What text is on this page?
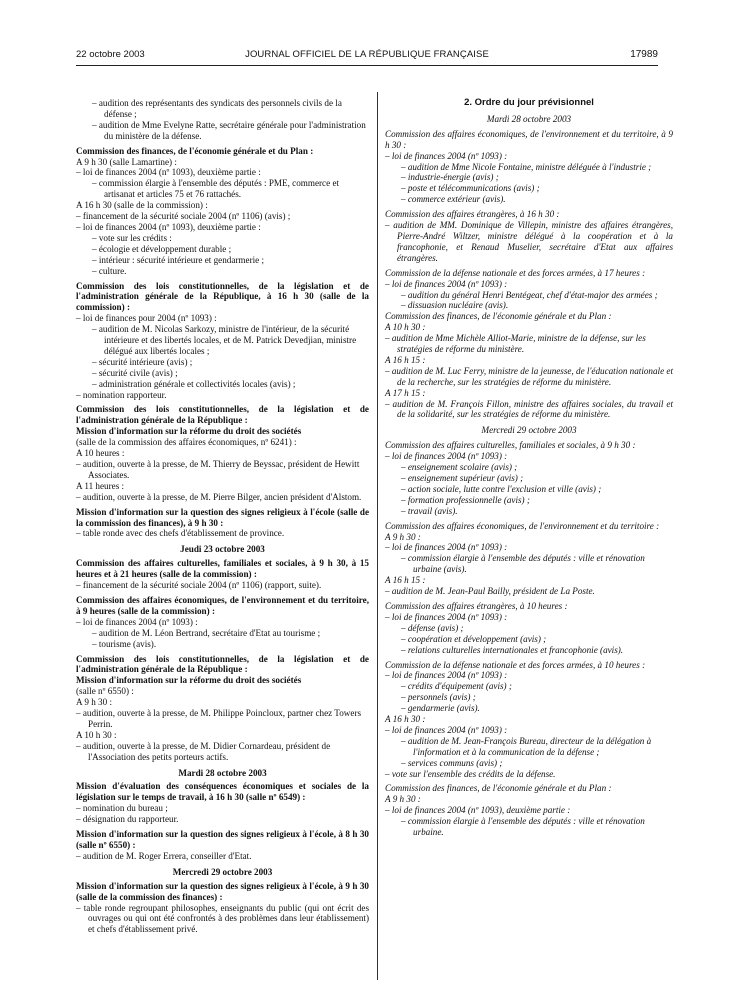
22 octobre 2003	JOURNAL OFFICIEL DE LA RÉPUBLIQUE FRANÇAISE	17989
– audition des représentants des syndicats des personnels civils de la défense ;
– audition de Mme Evelyne Ratte, secrétaire générale pour l'administration du ministère de la défense.
Commission des finances, de l'économie générale et du Plan :
A 9 h 30 (salle Lamartine) :
– loi de finances 2004 (nº 1093), deuxième partie :
– commission élargie à l'ensemble des députés : PME, commerce et artisanat et articles 75 et 76 rattachés.
A 16 h 30 (salle de la commission) :
– financement de la sécurité sociale 2004 (nº 1106) (avis) ;
– loi de finances 2004 (nº 1093), deuxième partie :
– vote sur les crédits :
– écologie et développement durable ;
– intérieur : sécurité intérieure et gendarmerie ;
– culture.
Commission des lois constitutionnelles, de la législation et de l'administration générale de la République, à 16 h 30 (salle de la commission) :
– loi de finances pour 2004 (nº 1093) :
– audition de M. Nicolas Sarkozy, ministre de l'intérieur, de la sécurité intérieure et des libertés locales, et de M. Patrick Devedjian, ministre délégué aux libertés locales ;
– sécurité intérieure (avis) ;
– sécurité civile (avis) ;
– administration générale et collectivités locales (avis) ;
– nomination rapporteur.
Commission des lois constitutionnelles, de la législation et de l'administration générale de la République :
Mission d'information sur la réforme du droit des sociétés
(salle de la commission des affaires économiques, nº 6241) :
A 10 heures :
– audition, ouverte à la presse, de M. Thierry de Beyssac, président de Hewitt Associates.
A 11 heures :
– audition, ouverte à la presse, de M. Pierre Bilger, ancien président d'Alstom.
Mission d'information sur la question des signes religieux à l'école (salle de la commission des finances), à 9 h 30 :
– table ronde avec des chefs d'établissement de province.
Jeudi 23 octobre 2003
Commission des affaires culturelles, familiales et sociales, à 9 h 30, à 15 heures et à 21 heures (salle de la commission) :
– financement de la sécurité sociale 2004 (nº 1106) (rapport, suite).
Commission des affaires économiques, de l'environnement et du territoire, à 9 heures (salle de la commission) :
– loi de finances 2004 (nº 1093) :
– audition de M. Léon Bertrand, secrétaire d'Etat au tourisme ;
– tourisme (avis).
Commission des lois constitutionnelles, de la législation et de l'administration générale de la République :
Mission d'information sur la réforme du droit des sociétés
(salle nº 6550) :
A 9 h 30 :
– audition, ouverte à la presse, de M. Philippe Poincloux, partner chez Towers Perrin.
A 10 h 30 :
– audition, ouverte à la presse, de M. Didier Cornardeau, président de l'Association des petits porteurs actifs.
Mardi 28 octobre 2003
Mission d'évaluation des conséquences économiques et sociales de la législation sur le temps de travail, à 16 h 30 (salle nº 6549) :
– nomination du bureau ;
– désignation du rapporteur.
Mission d'information sur la question des signes religieux à l'école, à 8 h 30 (salle nº 6550) :
– audition de M. Roger Errera, conseiller d'Etat.
Mercredi 29 octobre 2003
Mission d'information sur la question des signes religieux à l'école, à 9 h 30 (salle de la commission des finances) :
– table ronde regroupant philosophes, enseignants du public (qui ont écrit des ouvrages ou qui ont été confrontés à des problèmes dans leur établissement) et chefs d'établissement privé.
2. Ordre du jour prévisionnel
Mardi 28 octobre 2003
Commission des affaires économiques, de l'environnement et du territoire, à 9 h 30 :
– loi de finances 2004 (nº 1093) :
– audition de Mme Nicole Fontaine, ministre déléguée à l'industrie ;
– industrie-énergie (avis) ;
– poste et télécommunications (avis) ;
– commerce extérieur (avis).
Commission des affaires étrangères, à 16 h 30 :
– audition de MM. Dominique de Villepin, ministre des affaires étrangères, Pierre-André Wiltzer, ministre délégué à la coopération et à la francophonie, et Renaud Muselier, secrétaire d'Etat aux affaires étrangères.
Commission de la défense nationale et des forces armées, à 17 heures :
– loi de finances 2004 (nº 1093) :
– audition du général Henri Bentégeat, chef d'état-major des armées ;
– dissuasion nucléaire (avis).
Commission des finances, de l'économie générale et du Plan :
A 10 h 30 :
– audition de Mme Michèle Alliot-Marie, ministre de la défense, sur les stratégies de réforme du ministère.
A 16 h 15 :
– audition de M. Luc Ferry, ministre de la jeunesse, de l'éducation nationale et de la recherche, sur les stratégies de réforme du ministère.
A 17 h 15 :
– audition de M. François Fillon, ministre des affaires sociales, du travail et de la solidarité, sur les stratégies de réforme du ministère.
Mercredi 29 octobre 2003
Commission des affaires culturelles, familiales et sociales, à 9 h 30 :
– loi de finances 2004 (nº 1093) :
– enseignement scolaire (avis) ;
– enseignement supérieur (avis) ;
– action sociale, lutte contre l'exclusion et ville (avis) ;
– formation professionnelle (avis) ;
– travail (avis).
Commission des affaires économiques, de l'environnement et du territoire :
A 9 h 30 :
– loi de finances 2004 (nº 1093) :
– commission élargie à l'ensemble des députés : ville et rénovation urbaine (avis).
A 16 h 15 :
– audition de M. Jean-Paul Bailly, président de La Poste.
Commission des affaires étrangères, à 10 heures :
– loi de finances 2004 (nº 1093) :
– défense (avis) ;
– coopération et développement (avis) ;
– relations culturelles internationales et francophonie (avis).
Commission de la défense nationale et des forces armées, à 10 heures :
– loi de finances 2004 (nº 1093) :
– crédits d'équipement (avis) ;
– personnels (avis) ;
– gendarmerie (avis).
A 16 h 30 :
– loi de finances 2004 (nº 1093) :
– audition de M. Jean-François Bureau, directeur de la délégation à l'information et à la communication de la défense ;
– services communs (avis) ;
– vote sur l'ensemble des crédits de la défense.
Commission des finances, de l'économie générale et du Plan :
A 9 h 30 :
– loi de finances 2004 (nº 1093), deuxième partie :
– commission élargie à l'ensemble des députés : ville et rénovation urbaine.
